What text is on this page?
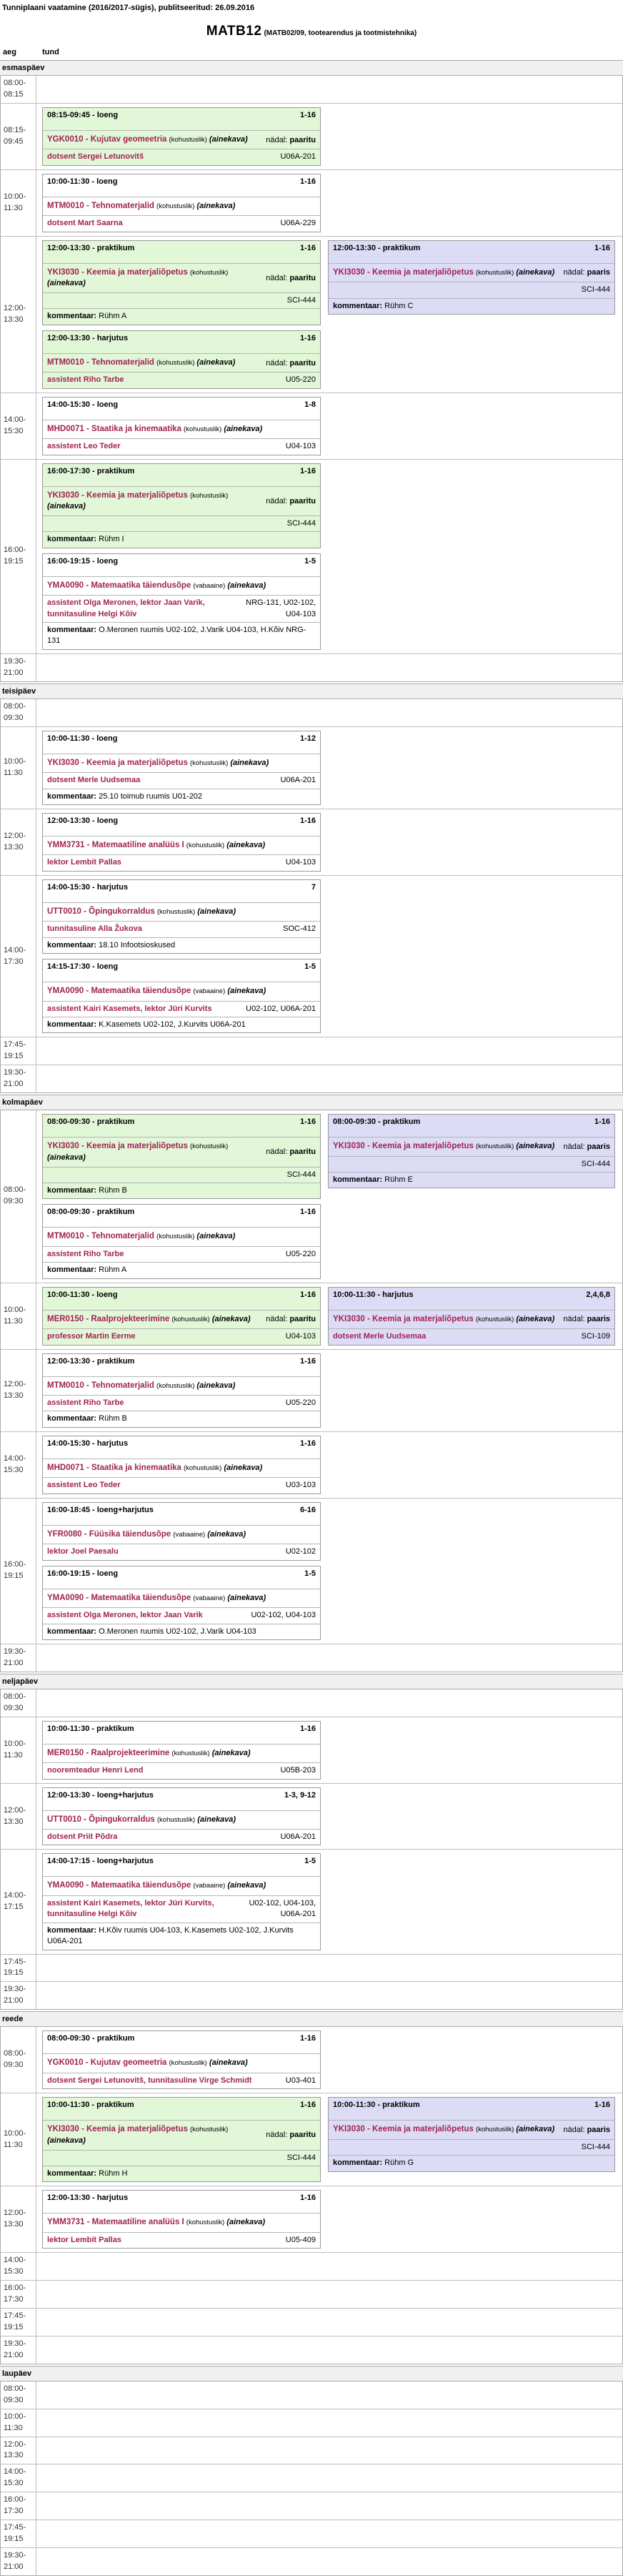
Tunniplaani vaatamine (2016/2017-sügis), publitseeritud: 26.09.2016
MATB12 (MATB02/09, tootearendus ja tootmistehnika)
aeg	tund
esmaspäev
08:00-
08:15
08:15-
09:45
08:15-09:45 - loeng	1-16
YGK0010 - Kujutav geomeetria (kohustuslik) (ainekava)	nädal: paaritu
dotsent Sergei Letunovitš	U06A-201
10:00-
11:30
10:00-11:30 - loeng	1-16
MTM0010 - Tehnomaterjalid (kohustuslik) (ainekava)
dotsent Mart Saarna	U06A-229
12:00-
13:30
12:00-13:30 - praktikum	1-16
YKI3030 - Keemia ja materjaliõpetus (kohustuslik) (ainekava)
nädal: paaritu
SCI-444
kommentaar: Rühm A
12:00-13:30 - harjutus	1-16
MTM0010 - Tehnomaterjalid (kohustuslik) (ainekava)	nädal: paaritu
assistent Riho Tarbe	U05-220
12:00-13:30 - praktikum	1-16
YKI3030 - Keemia ja materjaliõpetus (kohustuslik) (ainekava)	nädal: paaris
SCI-444
kommentaar: Rühm C
14:00-
15:30
14:00-15:30 - loeng	1-8
MHD0071 - Staatika ja kinemaatika (kohustuslik) (ainekava)
assistent Leo Teder	U04-103
16:00-
19:15
16:00-17:30 - praktikum	1-16
YKI3030 - Keemia ja materjaliõpetus (kohustuslik) (ainekava)
nädal: paaritu
SCI-444
kommentaar: Rühm I
16:00-19:15 - loeng	1-5
YMA0090 - Matemaatika täiendusõpe (vabaaine) (ainekava)
assistent Olga Meronen, lektor Jaan Varik, tunnitasuline Helgi Kõiv
NRG-131, U02-102, U04-103
kommentaar: O.Meronen ruumis U02-102, J.Varik U04-103, H.Kõiv NRG-131
19:30-
21:00
teisipäev
08:00-
09:30
10:00-
11:30
10:00-11:30 - loeng	1-12
YKI3030 - Keemia ja materjaliõpetus (kohustuslik) (ainekava)
dotsent Merle Uudsemaa	U06A-201
kommentaar: 25.10 toimub ruumis U01-202
12:00-
13:30
12:00-13:30 - loeng	1-16
YMM3731 - Matemaatiline analüüs I (kohustuslik) (ainekava)
lektor Lembit Pallas	U04-103
14:00-
17:30
14:00-15:30 - harjutus	7
UTT0010 - Õpingukorraldus (kohustuslik) (ainekava)
tunnitasuline Alla Žukova	SOC-412
kommentaar: 18.10 Infootsioskused
14:15-17:30 - loeng	1-5
YMA0090 - Matemaatika täiendusõpe (vabaaine) (ainekava)
assistent Kairi Kasemets, lektor Jüri Kurvits	U02-102, U06A-201
kommentaar: K.Kasemets U02-102, J.Kurvits U06A-201
17:45-
19:15
19:30-
21:00
kolmapäev
08:00-
09:30
08:00-09:30 - praktikum	1-16
YKI3030 - Keemia ja materjaliõpetus (kohustuslik) (ainekava)
nädal: paaritu
SCI-444
kommentaar: Rühm B
08:00-09:30 - praktikum	1-16
MTM0010 - Tehnomaterjalid (kohustuslik) (ainekava)
assistent Riho Tarbe	U05-220
kommentaar: Rühm A
08:00-09:30 - praktikum	1-16
YKI3030 - Keemia ja materjaliõpetus (kohustuslik) (ainekava)	nädal: paaris
SCI-444
kommentaar: Rühm E
10:00-
11:30
10:00-11:30 - loeng	1-16
MER0150 - Raalprojekteerimine (kohustuslik) (ainekava)	nädal: paaritu
professor Martin Eerme	U04-103
10:00-11:30 - harjutus	2,4,6,8
YKI3030 - Keemia ja materjaliõpetus (kohustuslik) (ainekava)	nädal: paaris
dotsent Merle Uudsemaa	SCI-109
12:00-
13:30
12:00-13:30 - praktikum	1-16
MTM0010 - Tehnomaterjalid (kohustuslik) (ainekava)
assistent Riho Tarbe	U05-220
kommentaar: Rühm B
14:00-
15:30
14:00-15:30 - harjutus	1-16
MHD0071 - Staatika ja kinemaatika (kohustuslik) (ainekava)
assistent Leo Teder	U03-103
16:00-
19:15
16:00-18:45 - loeng+harjutus	6-16
YFR0080 - Füüsika täiendusõpe (vabaaine) (ainekava)
lektor Joel Paesalu	U02-102
16:00-19:15 - loeng	1-5
YMA0090 - Matemaatika täiendusõpe (vabaaine) (ainekava)
assistent Olga Meronen, lektor Jaan Varik	U02-102, U04-103
kommentaar: O.Meronen ruumis U02-102, J.Varik U04-103
19:30-
21:00
neljapäev
08:00-
09:30
10:00-
11:30
10:00-11:30 - praktikum	1-16
MER0150 - Raalprojekteerimine (kohustuslik) (ainekava)
nooremteadur Henri Lend	U05B-203
12:00-
13:30
12:00-13:30 - loeng+harjutus	1-3, 9-12
UTT0010 - Õpingukorraldus (kohustuslik) (ainekava)
dotsent Priit Põdra	U06A-201
14:00-
17:15
14:00-17:15 - loeng+harjutus	1-5
YMA0090 - Matemaatika täiendusõpe (vabaaine) (ainekava)
assistent Kairi Kasemets, lektor Jüri Kurvits, tunnitasuline Helgi Kõiv
U02-102, U04-103, U06A-201
kommentaar: H.Kõiv ruumis U04-103, K.Kasemets U02-102, J.Kurvits U06A-201
17:45-
19:15
19:30-
21:00
reede
08:00-
09:30
08:00-09:30 - praktikum	1-16
YGK0010 - Kujutav geomeetria (kohustuslik) (ainekava)
dotsent Sergei Letunovitš, tunnitasuline Virge Schmidt	U03-401
10:00-
11:30
10:00-11:30 - praktikum	1-16
YKI3030 - Keemia ja materjaliõpetus (kohustuslik) (ainekava)
nädal: paaritu
SCI-444
kommentaar: Rühm H
10:00-11:30 - praktikum	1-16
YKI3030 - Keemia ja materjaliõpetus (kohustuslik) (ainekava)	nädal: paaris
SCI-444
kommentaar: Rühm G
12:00-
13:30
12:00-13:30 - harjutus	1-16
YMM3731 - Matemaatiline analüüs I (kohustuslik) (ainekava)
lektor Lembit Pallas	U05-409
14:00-
15:30
16:00-
17:30
17:45-
19:15
19:30-
21:00
laupäev
08:00-
09:30
10:00-
11:30
12:00-
13:30
14:00-
15:30
16:00-
17:30
17:45-
19:15
19:30-
21:00
